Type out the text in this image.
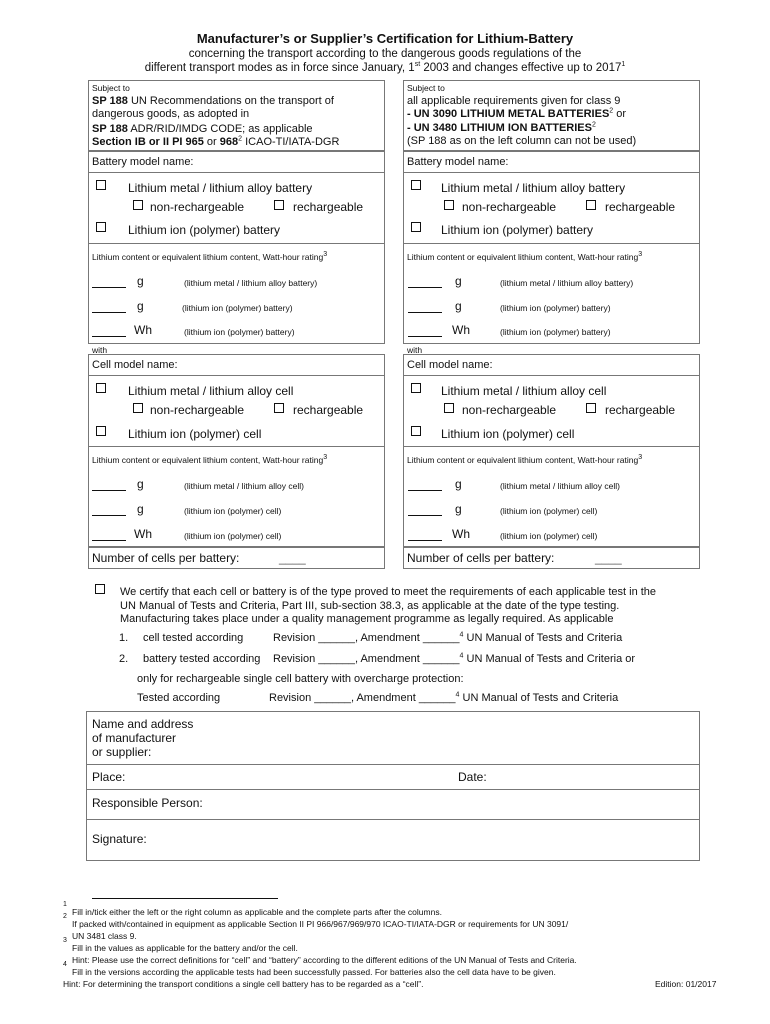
Manufacturer’s or Supplier’s Certification for Lithium-Battery
concerning the transport according to the dangerous goods regulations of the
different transport modes as in force since January, 1st 2003 and changes effective up to 2017$^1$
Subject to
SP 188 UN Recommendations on the transport of
dangerous goods, as adopted in
SP 188 ADR/RID/IMDG CODE; as applicable
Section IB or II PI 965 or $968^2$ ICAO-TI/IATA-DGR
Subject to
all applicable requirements given for class 9
- UN 3090 LITHIUM METAL BATTERIES$^2$ or
- UN 3480 LITHIUM ION BATTERIES$^2$
(SP 188 as on the left column can not be used)
Battery model name:
Lithium metal / lithium alloy battery
non-rechargeable	rechargeable
Lithium ion (polymer) battery
Lithium content or equivalent lithium content, Watt-hour rating$^3$
g	(lithium metal / lithium alloy battery)
g	(lithium ion (polymer) battery)
Wh	(lithium ion (polymer) battery)
with
Battery model name:
Lithium metal / lithium alloy battery
non-rechargeable	rechargeable
Lithium ion (polymer) battery
Lithium content or equivalent lithium content, Watt-hour rating$^3$
g	(lithium metal / lithium alloy battery)
g	(lithium ion (polymer) battery)
Wh	(lithium ion (polymer) battery)
with
Cell model name:
Lithium metal / lithium alloy cell
non-rechargeable	rechargeable
Lithium ion (polymer) cell
Lithium content or equivalent lithium content, Watt-hour rating$^3$
g	(lithium metal / lithium alloy cell)
g	(lithium ion (polymer) cell)
Wh	(lithium ion (polymer) cell)
Cell model name:
Lithium metal / lithium alloy cell
non-rechargeable	rechargeable
Lithium ion (polymer) cell
Lithium content or equivalent lithium content, Watt-hour rating$^3$
g	(lithium metal / lithium alloy cell)
g	(lithium ion (polymer) cell)
Wh	(lithium ion (polymer) cell)
Number of cells per battery:	____	Number of cells per battery:	____
We certify that each cell or battery is of the type proved to meet the requirements of each applicable test in the
UN Manual of Tests and Criteria, Part III, sub-section 38.3, as applicable at the date of the type testing.
Manufacturing takes place under a quality management programme as legally required. As applicable
1. cell tested according	Revision ______, Amendment ______$^4$ UN Manual of Tests and Criteria
2. battery tested according Revision ______, Amendment ______$^4$ UN Manual of Tests and Criteria or
only for rechargeable single cell battery with overcharge protection:
Tested according	Revision ______, Amendment ______$^4$ UN Manual of Tests and Criteria
Name and address
of manufacturer
or supplier:
Place:	Date:
Responsible Person:
Signature:
1
Fill in/tick either the left or the right column as applicable and the complete parts after the columns.
2
If packed with/contained in equipment as applicable Section II PI 966/967/969/970 ICAO-TI/IATA-DGR or requirements for UN 3091/
UN 3481 class 9.
3
Fill in the values as applicable for the battery and/or the cell.
Hint: Please use the correct definitions for “cell” and “battery” according to the different editions of the UN Manual of Tests and Criteria.
4
Fill in the versions according the applicable tests had been successfully passed. For batteries also the cell data have to be given.
Hint: For determining the transport conditions a single cell battery has to be regarded as a “cell”.	Edition: 01/2017
